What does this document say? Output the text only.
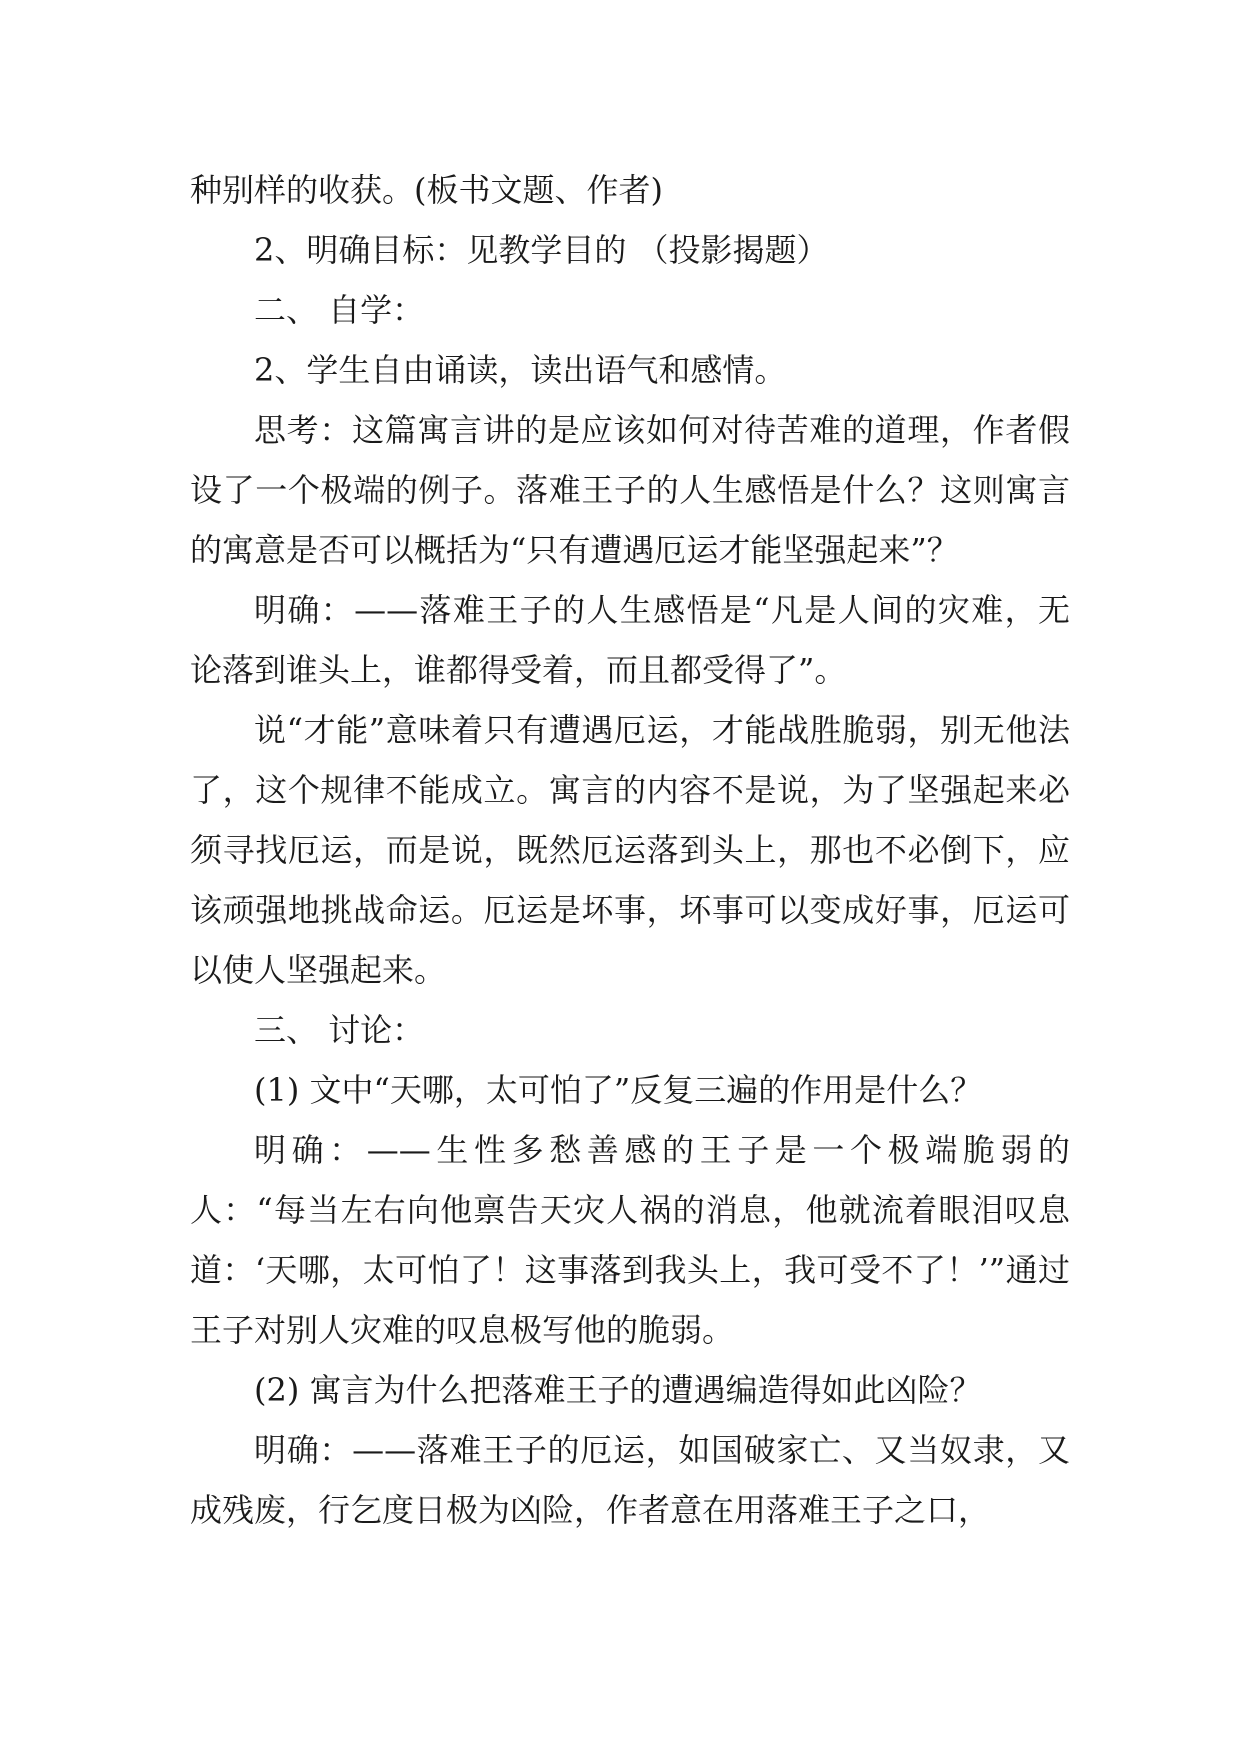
种别样的收获。(板书文题、作者)

2、明确目标：见教学目的 （投影揭题）

二、 自学：

2、学生自由诵读，读出语气和感情。

思考：这篇寓言讲的是应该如何对待苦难的道理，作者假设了一个极端的例子。落难王子的人生感悟是什么？这则寓言的寓意是否可以概括为“只有遭遇厄运才能坚强起来”？

明确：——落难王子的人生感悟是“凡是人间的灾难，无论落到谁头上，谁都得受着，而且都受得了”。

说“才能”意味着只有遭遇厄运，才能战胜脆弱，别无他法了，这个规律不能成立。寓言的内容不是说，为了坚强起来必须寻找厄运，而是说，既然厄运落到头上，那也不必倒下，应该顽强地挑战命运。厄运是坏事，坏事可以变成好事，厄运可以使人坚强起来。

三、 讨论：

(1) 文中“天哪，太可怕了”反复三遍的作用是什么？

明确：——生性多愁善感的王子是一个极端脆弱的人：“每当左右向他禀告天灾人祸的消息，他就流着眼泪叹息道：‘天哪，太可怕了！这事落到我头上，我可受不了！’”通过王子对别人灾难的叹息极写他的脆弱。

(2) 寓言为什么把落难王子的遭遇编造得如此凶险？

明确：——落难王子的厄运，如国破家亡、又当奴隶，又成残废，行乞度日极为凶险，作者意在用落难王子之口，
